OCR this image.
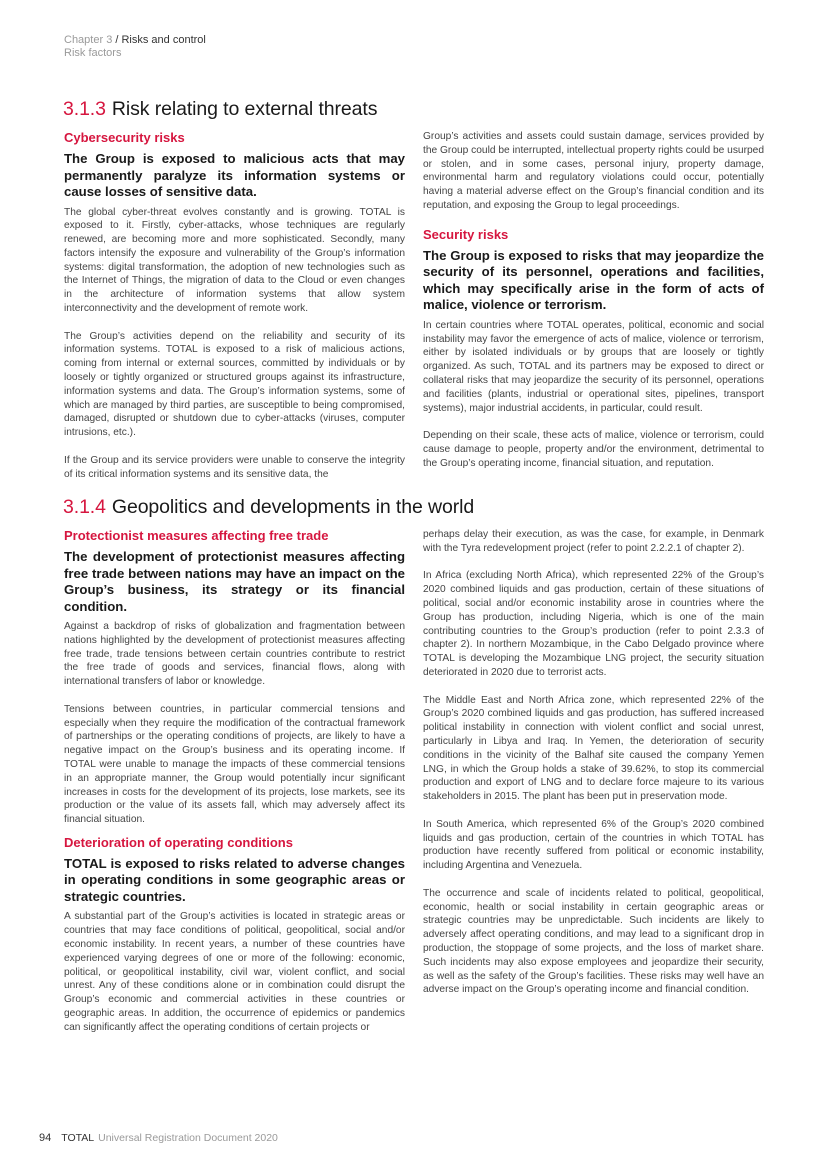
Chapter 3 / Risks and control
Risk factors
3.1.3 Risk relating to external threats
Cybersecurity risks
The Group is exposed to malicious acts that may permanently paralyze its information systems or cause losses of sensitive data.

The global cyber-threat evolves constantly and is growing. TOTAL is exposed to it. Firstly, cyber-attacks, whose techniques are regularly renewed, are becoming more and more sophisticated. Secondly, many factors intensify the exposure and vulnerability of the Group’s information systems: digital transformation, the adoption of new technologies such as the Internet of Things, the migration of data to the Cloud or even changes in the architecture of information systems that allow system interconnectivity and the development of remote work.

The Group’s activities depend on the reliability and security of its information systems. TOTAL is exposed to a risk of malicious actions, coming from internal or external sources, committed by individuals or by loosely or tightly organized or structured groups against its infrastructure, information systems and data. The Group’s information systems, some of which are managed by third parties, are susceptible to being compromised, damaged, disrupted or shutdown due to cyber-attacks (viruses, computer intrusions, etc.).

If the Group and its service providers were unable to conserve the integrity of its critical information systems and its sensitive data, the

Group’s activities and assets could sustain damage, services provided by the Group could be interrupted, intellectual property rights could be usurped or stolen, and in some cases, personal injury, property damage, environmental harm and regulatory violations could occur, potentially having a material adverse effect on the Group’s financial condition and its reputation, and exposing the Group to legal proceedings.

Security risks
The Group is exposed to risks that may jeopardize the security of its personnel, operations and facilities, which may specifically arise in the form of acts of malice, violence or terrorism.

In certain countries where TOTAL operates, political, economic and social instability may favor the emergence of acts of malice, violence or terrorism, either by isolated individuals or by groups that are loosely or tightly organized. As such, TOTAL and its partners may be exposed to direct or collateral risks that may jeopardize the security of its personnel, operations and facilities (plants, industrial or operational sites, pipelines, transport systems), major industrial accidents, in particular, could result.

Depending on their scale, these acts of malice, violence or terrorism, could cause damage to people, property and/or the environment, detrimental to the Group’s operating income, financial situation, and reputation.

3.1.4 Geopolitics and developments in the world
Protectionist measures affecting free trade
The development of protectionist measures affecting free trade between nations may have an impact on the Group’s business, its strategy or its financial condition.

Against a backdrop of risks of globalization and fragmentation between nations highlighted by the development of protectionist measures affecting free trade, trade tensions between certain countries contribute to restrict the free trade of goods and services, financial flows, along with international transfers of labor or knowledge.

Tensions between countries, in particular commercial tensions and especially when they require the modification of the contractual framework of partnerships or the operating conditions of projects, are likely to have a negative impact on the Group’s business and its operating income. If TOTAL were unable to manage the impacts of these commercial tensions in an appropriate manner, the Group would potentially incur significant increases in costs for the development of its projects, lose markets, see its production or the value of its assets fall, which may adversely affect its financial situation.

Deterioration of operating conditions
TOTAL is exposed to risks related to adverse changes in operating conditions in some geographic areas or strategic countries.

A substantial part of the Group’s activities is located in strategic areas or countries that may face conditions of political, geopolitical, social and/or economic instability. In recent years, a number of these countries have experienced varying degrees of one or more of the following: economic, political, or geopolitical instability, civil war, violent conflict, and social unrest. Any of these conditions alone or in combination could disrupt the Group’s economic and commercial activities in these countries or geographic areas. In addition, the occurrence of epidemics or pandemics can significantly affect the operating conditions of certain projects or

perhaps delay their execution, as was the case, for example, in Denmark with the Tyra redevelopment project (refer to point 2.2.2.1 of chapter 2).

In Africa (excluding North Africa), which represented 22% of the Group’s 2020 combined liquids and gas production, certain of these situations of political, social and/or economic instability arose in countries where the Group has production, including Nigeria, which is one of the main contributing countries to the Group’s production (refer to point 2.3.3 of chapter 2). In northern Mozambique, in the Cabo Delgado province where TOTAL is developing the Mozambique LNG project, the security situation deteriorated in 2020 due to terrorist acts.

The Middle East and North Africa zone, which represented 22% of the Group’s 2020 combined liquids and gas production, has suffered increased political instability in connection with violent conflict and social unrest, particularly in Libya and Iraq. In Yemen, the deterioration of security conditions in the vicinity of the Balhaf site caused the company Yemen LNG, in which the Group holds a stake of 39.62%, to stop its commercial production and export of LNG and to declare force majeure to its various stakeholders in 2015. The plant has been put in preservation mode.

In South America, which represented 6% of the Group’s 2020 combined liquids and gas production, certain of the countries in which TOTAL has production have recently suffered from political or economic instability, including Argentina and Venezuela.

The occurrence and scale of incidents related to political, geopolitical, economic, health or social instability in certain geographic areas or strategic countries may be unpredictable. Such incidents are likely to adversely affect operating conditions, and may lead to a significant drop in production, the stoppage of some projects, and the loss of market share. Such incidents may also expose employees and jeopardize their security, as well as the safety of the Group’s facilities. These risks may well have an adverse impact on the Group’s operating income and financial condition.

94 TOTAL Universal Registration Document 2020
